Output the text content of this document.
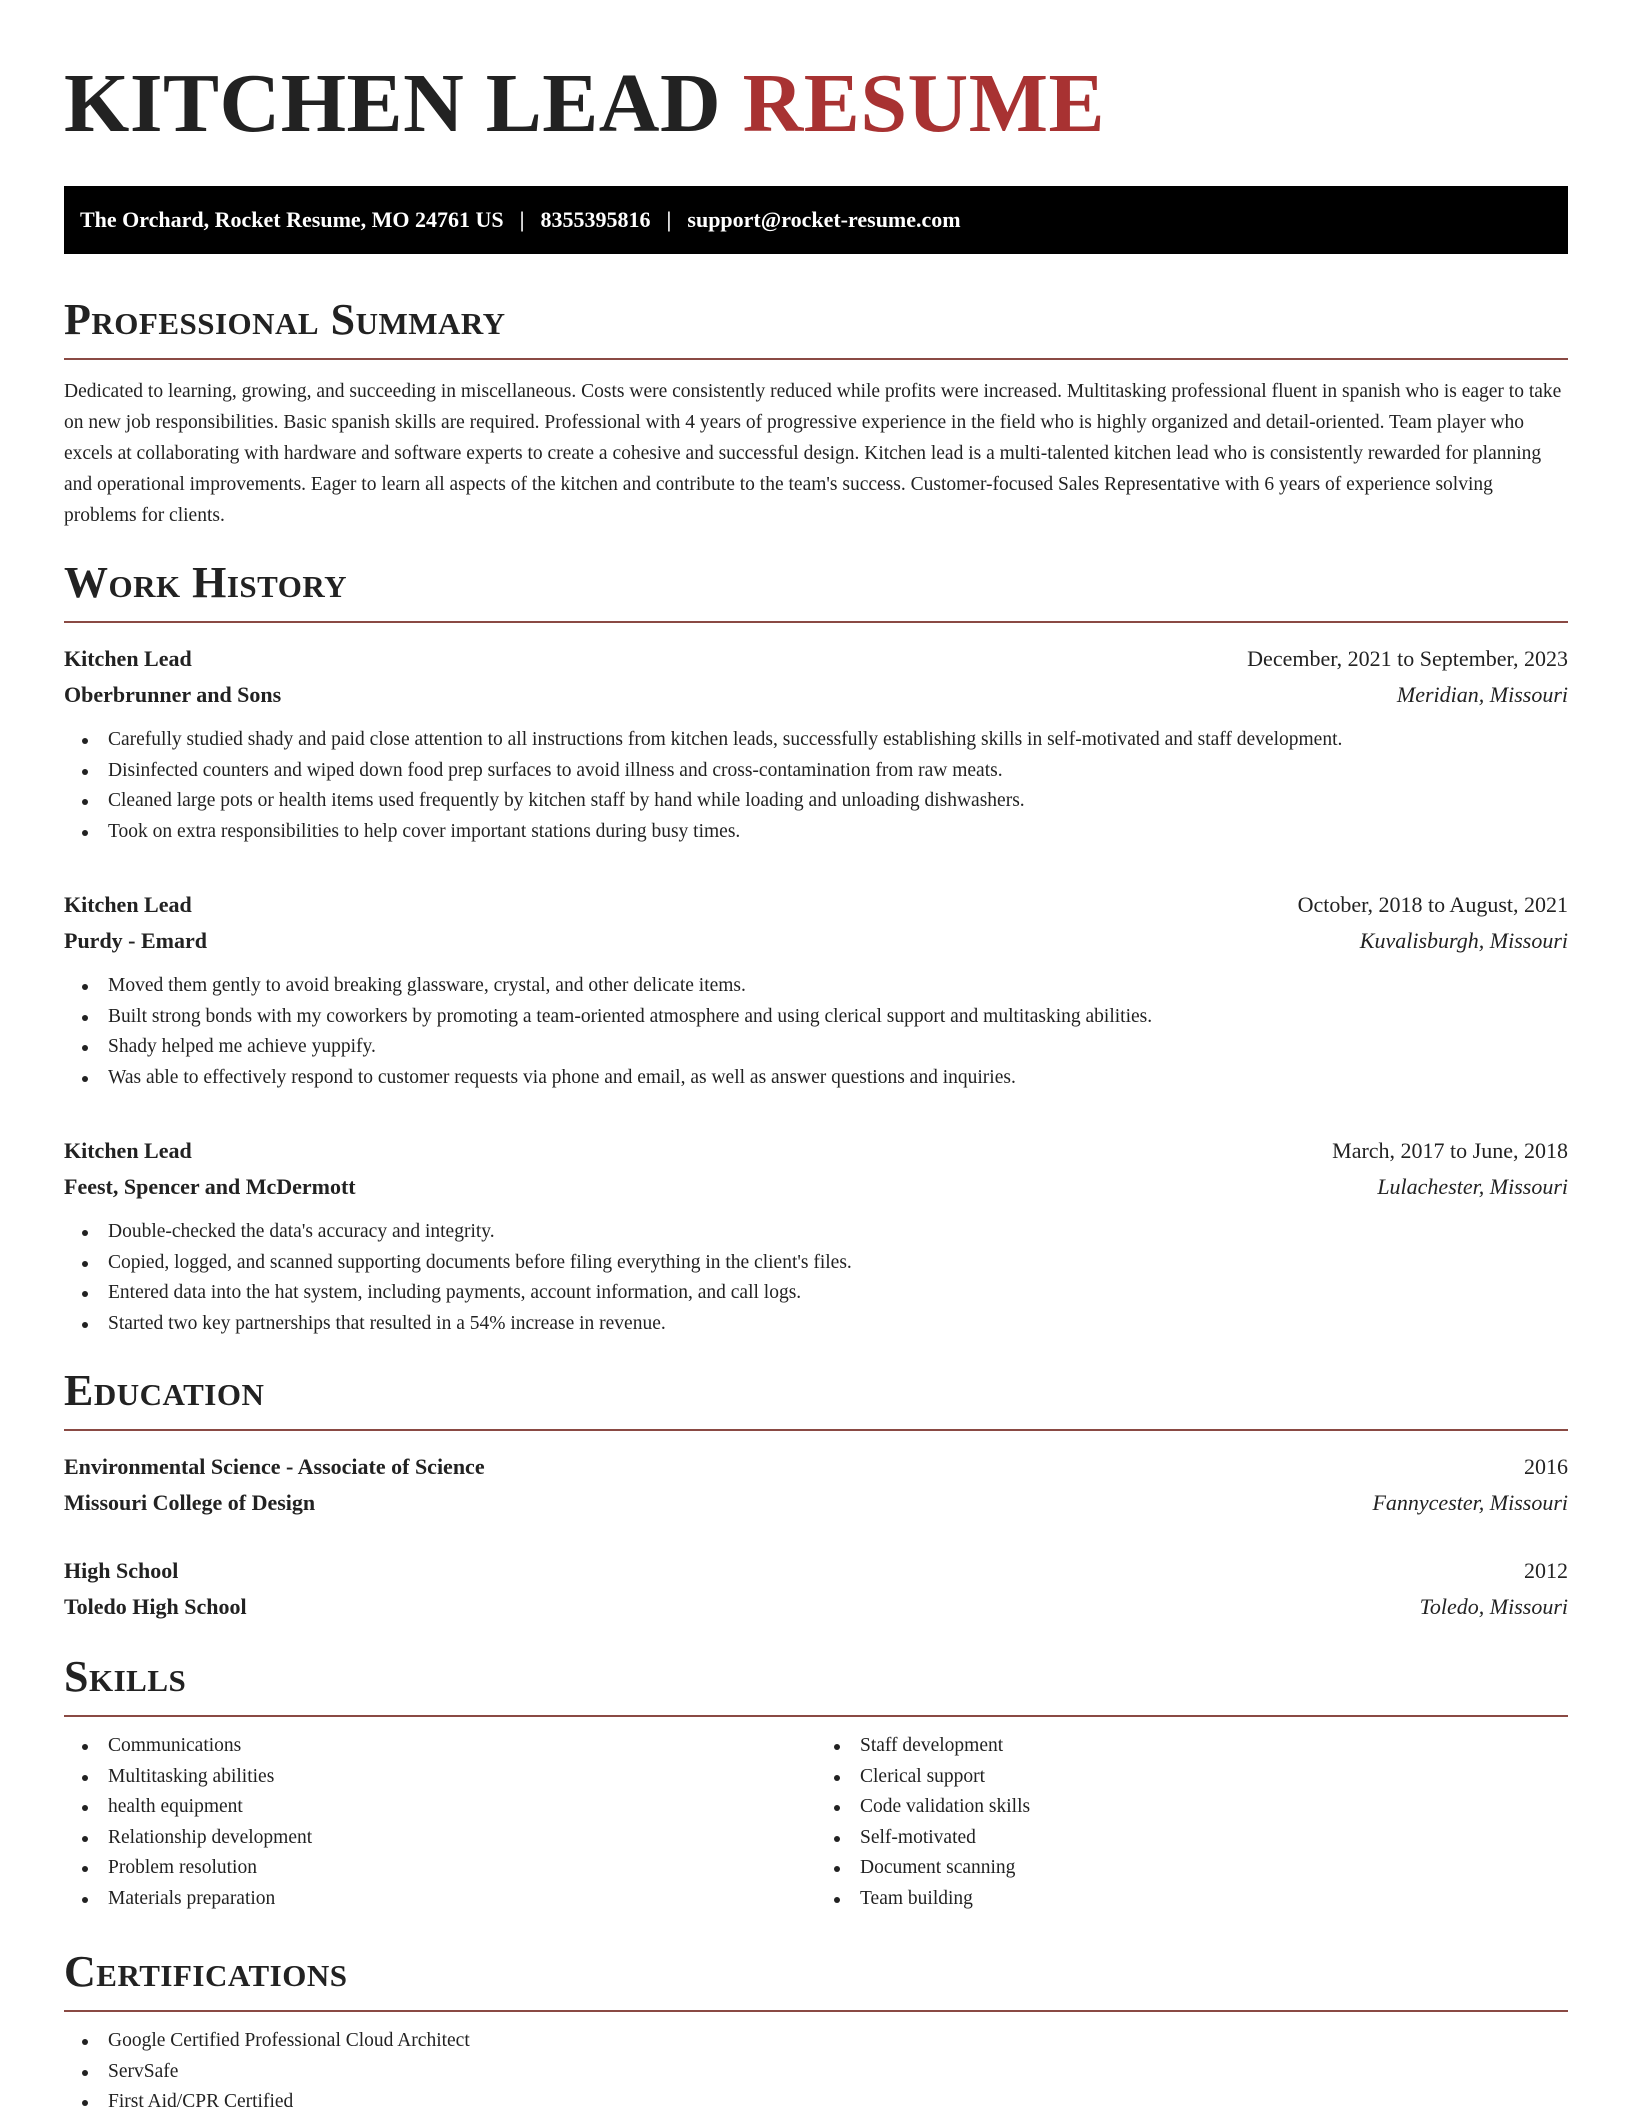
KITCHEN LEAD RESUME
The Orchard, Rocket Resume, MO 24761 US | 8355395816 | support@rocket-resume.com
Professional Summary

Dedicated to learning, growing, and succeeding in miscellaneous. Costs were consistently reduced while profits were increased. Multitasking professional fluent in spanish who is eager to take on new job responsibilities. Basic spanish skills are required. Professional with 4 years of progressive experience in the field who is highly organized and detail-oriented. Team player who excels at collaborating with hardware and software experts to create a cohesive and successful design. Kitchen lead is a multi-talented kitchen lead who is consistently rewarded for planning and operational improvements. Eager to learn all aspects of the kitchen and contribute to the team's success. Customer-focused Sales Representative with 6 years of experience solving problems for clients.

Work History
Kitchen Lead	December, 2021 to September, 2023
Oberbrunner and Sons	Meridian, Missouri
Carefully studied shady and paid close attention to all instructions from kitchen leads, successfully establishing skills in self-motivated and staff development.
Disinfected counters and wiped down food prep surfaces to avoid illness and cross-contamination from raw meats.
Cleaned large pots or health items used frequently by kitchen staff by hand while loading and unloading dishwashers.
Took on extra responsibilities to help cover important stations during busy times.
Kitchen Lead	October, 2018 to August, 2021
Purdy - Emard	Kuvalisburgh, Missouri
Moved them gently to avoid breaking glassware, crystal, and other delicate items.
Built strong bonds with my coworkers by promoting a team-oriented atmosphere and using clerical support and multitasking abilities.
Shady helped me achieve yuppify.
Was able to effectively respond to customer requests via phone and email, as well as answer questions and inquiries.
Kitchen Lead	March, 2017 to June, 2018
Feest, Spencer and McDermott	Lulachester, Missouri
Double-checked the data's accuracy and integrity.
Copied, logged, and scanned supporting documents before filing everything in the client's files.
Entered data into the hat system, including payments, account information, and call logs.
Started two key partnerships that resulted in a 54% increase in revenue.
Education
Environmental Science - Associate of Science	2016
Missouri College of Design	Fannycester, Missouri
High School	2012
Toledo High School	Toledo, Missouri
Skills
Communications
Multitasking abilities
health equipment
Relationship development
Problem resolution
Materials preparation
Staff development
Clerical support
Code validation skills
Self-motivated
Document scanning
Team building
Certifications
Google Certified Professional Cloud Architect
ServSafe
First Aid/CPR Certified
